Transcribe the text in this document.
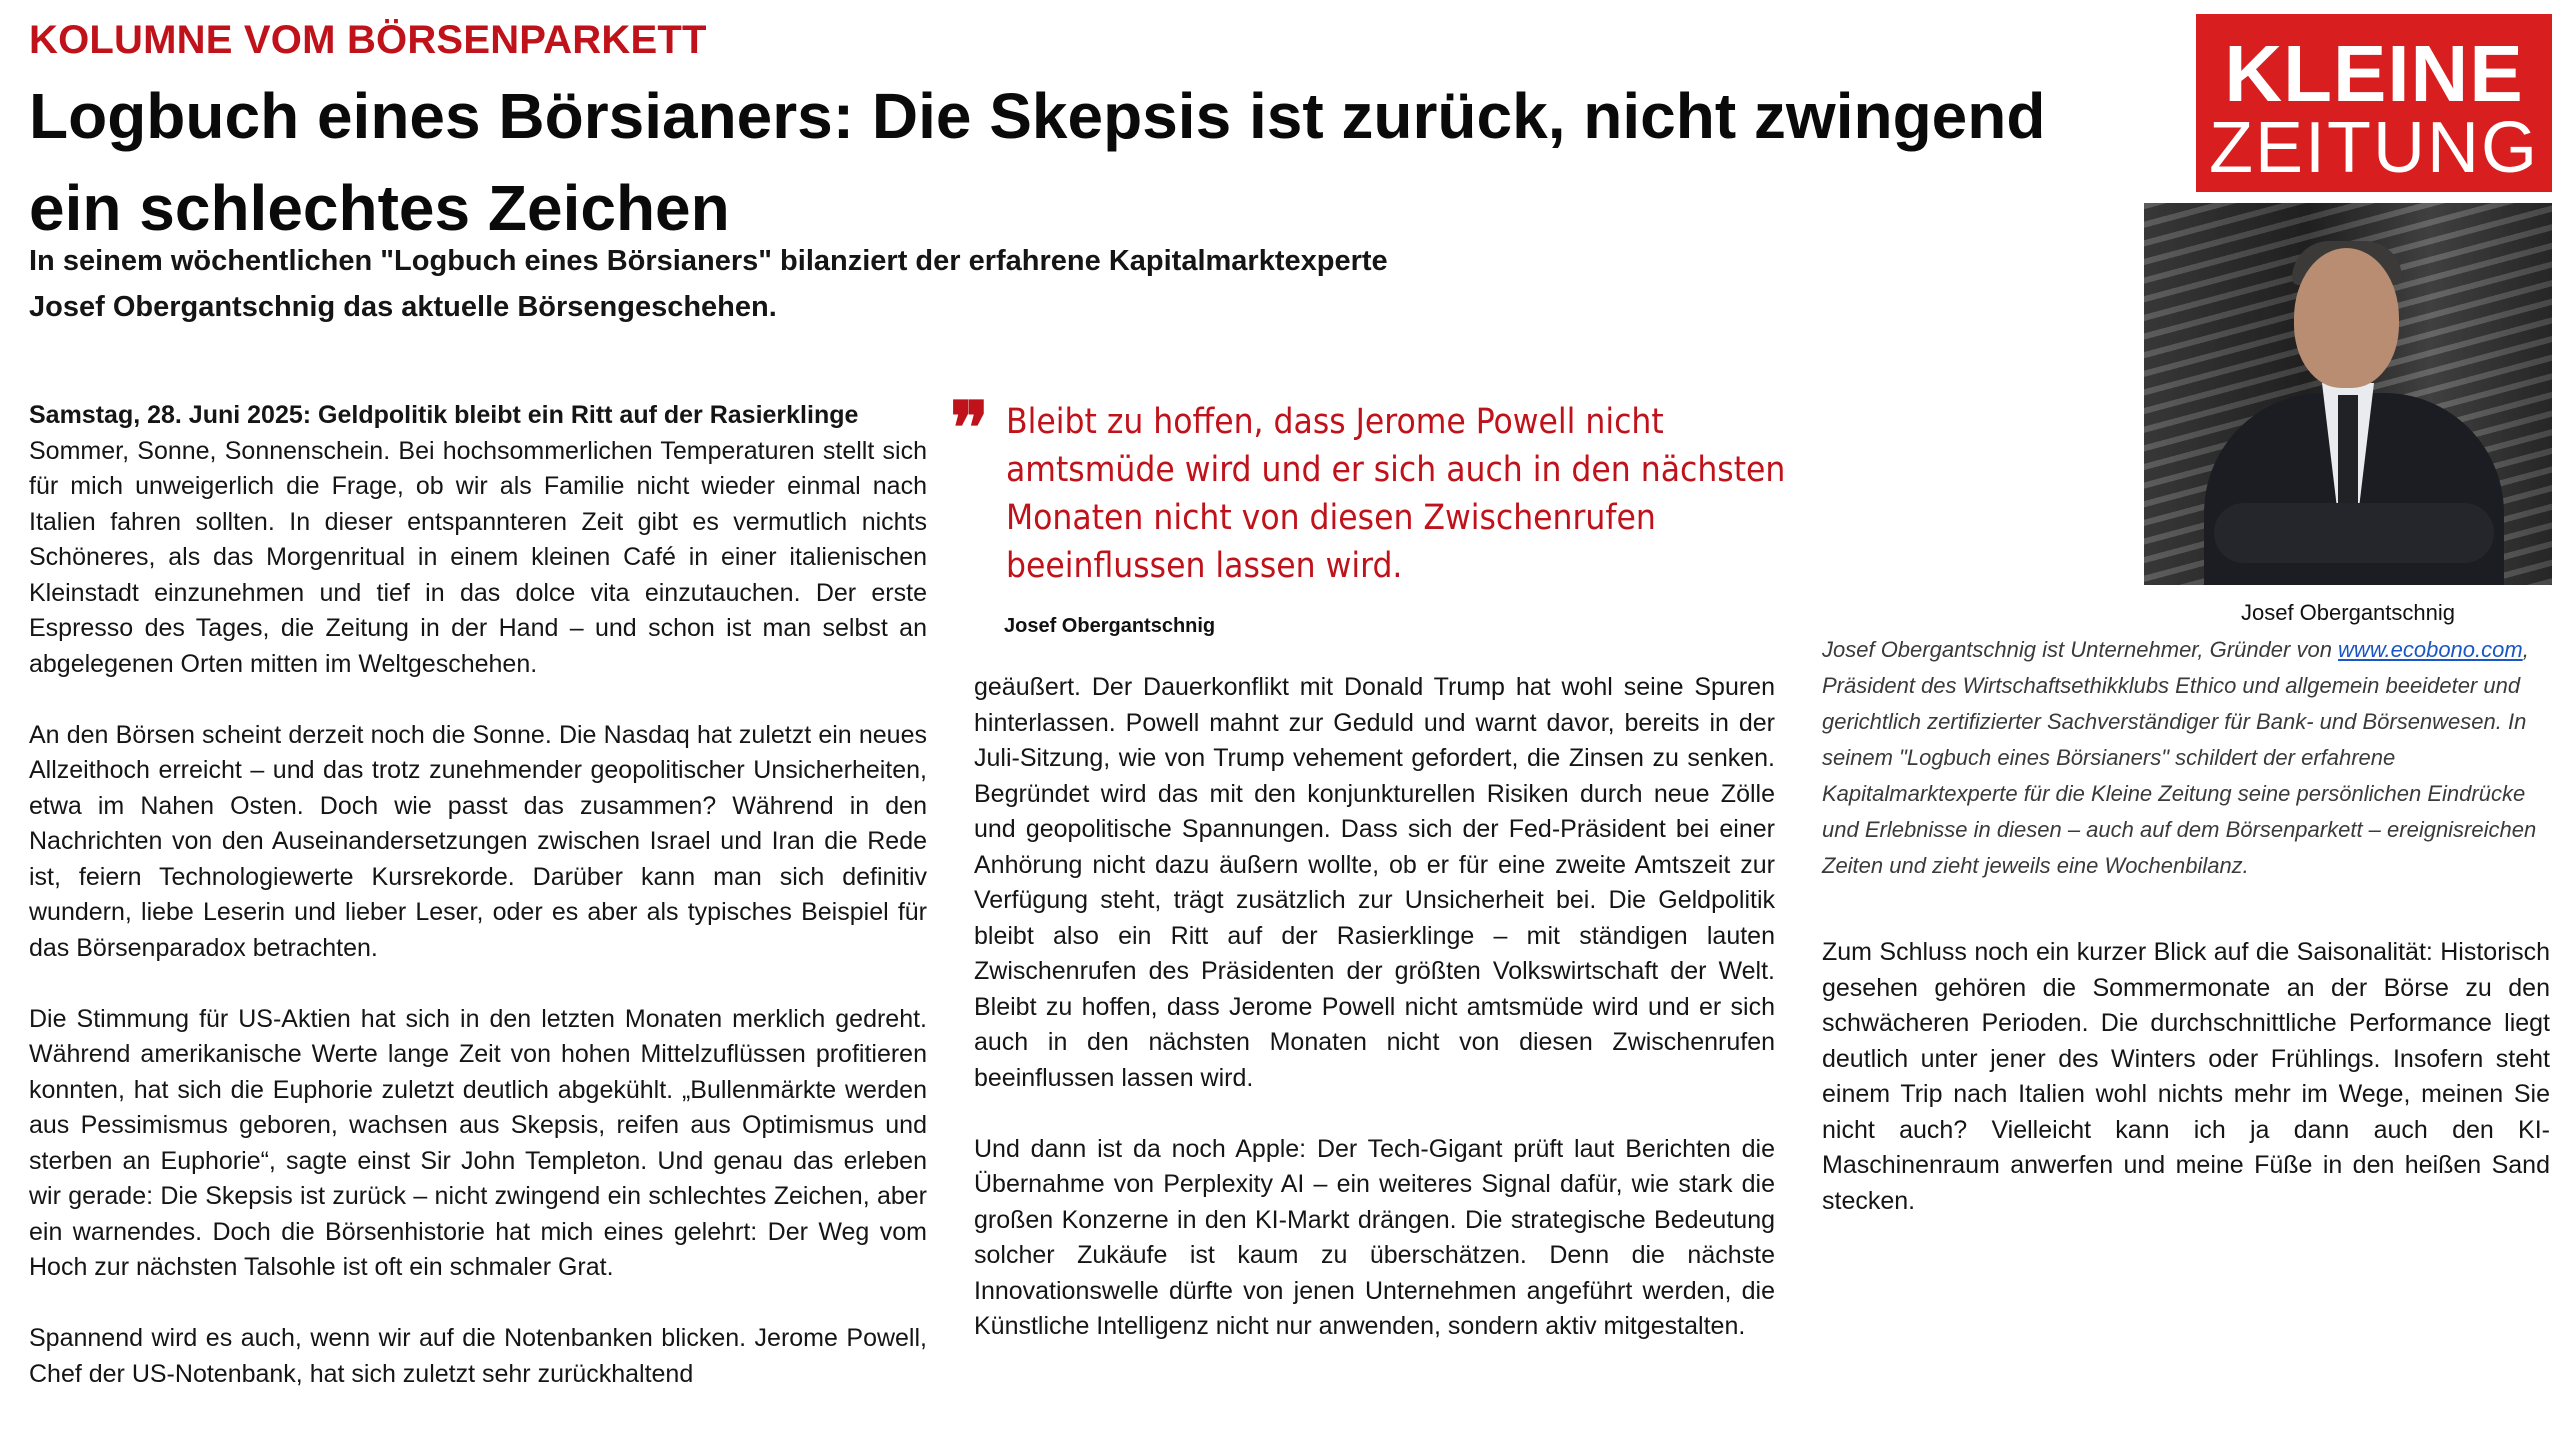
KOLUMNE VOM BÖRSENPARKETT
Logbuch eines Börsianers: Die Skepsis ist zurück, nicht zwingend ein schlechtes Zeichen
In seinem wöchentlichen "Logbuch eines Börsianers" bilanziert der erfahrene Kapitalmarktexperte Josef Obergantschnig das aktuelle Börsengeschehen.
KLEINE
ZEITUNG
Josef Obergantschnig
Josef Obergantschnig ist Unternehmer, Gründer von www.ecobono.com, Präsident des Wirtschaftsethikklubs Ethico und allgemein beeideter und gerichtlich zertifizierter Sachverständiger für Bank- und Börsenwesen. In seinem "Logbuch eines Börsianers" schildert der erfahrene Kapitalmarktexperte für die Kleine Zeitung seine persönlichen Eindrücke und Erlebnisse in diesen – auch auf dem Börsenparkett – ereignisreichen Zeiten und zieht jeweils eine Wochenbilanz.
Samstag, 28. Juni 2025: Geldpolitik bleibt ein Ritt auf der Rasierklinge

Sommer, Sonne, Sonnenschein. Bei hochsommerlichen Temperaturen stellt sich für mich unweigerlich die Frage, ob wir als Familie nicht wieder einmal nach Italien fahren sollten. In dieser entspannteren Zeit gibt es vermutlich nichts Schöneres, als das Morgenritual in einem kleinen Café in einer italienischen Kleinstadt einzunehmen und tief in das dolce vita einzutauchen. Der erste Espresso des Tages, die Zeitung in der Hand – und schon ist man selbst an abgelegenen Orten mitten im Weltgeschehen.

An den Börsen scheint derzeit noch die Sonne. Die Nasdaq hat zuletzt ein neues Allzeithoch erreicht – und das trotz zunehmender geopolitischer Unsicherheiten, etwa im Nahen Osten. Doch wie passt das zusammen? Während in den Nachrichten von den Auseinandersetzungen zwischen Israel und Iran die Rede ist, feiern Technologiewerte Kursrekorde. Darüber kann man sich definitiv wundern, liebe Leserin und lieber Leser, oder es aber als typisches Beispiel für das Börsenparadox betrachten.

Die Stimmung für US-Aktien hat sich in den letzten Monaten merklich gedreht. Während amerikanische Werte lange Zeit von hohen Mittelzuflüssen profitieren konnten, hat sich die Euphorie zuletzt deutlich abgekühlt. „Bullenmärkte werden aus Pessimismus geboren, wachsen aus Skepsis, reifen aus Optimismus und sterben an Euphorie“, sagte einst Sir John Templeton. Und genau das erleben wir gerade: Die Skepsis ist zurück – nicht zwingend ein schlechtes Zeichen, aber ein warnendes. Doch die Börsenhistorie hat mich eines gelehrt: Der Weg vom Hoch zur nächsten Talsohle ist oft ein schmaler Grat.

Spannend wird es auch, wenn wir auf die Notenbanken blicken. Jerome Powell, Chef der US-Notenbank, hat sich zuletzt sehr zurückhaltend

❞ Bleibt zu hoffen, dass Jerome Powell nicht amtsmüde wird und er sich auch in den nächsten Monaten nicht von diesen Zwischenrufen beeinflussen lassen wird.
Josef Obergantschnig

geäußert. Der Dauerkonflikt mit Donald Trump hat wohl seine Spuren hinterlassen. Powell mahnt zur Geduld und warnt davor, bereits in der Juli-Sitzung, wie von Trump vehement gefordert, die Zinsen zu senken. Begründet wird das mit den konjunkturellen Risiken durch neue Zölle und geopolitische Spannungen. Dass sich der Fed-Präsident bei einer Anhörung nicht dazu äußern wollte, ob er für eine zweite Amtszeit zur Verfügung steht, trägt zusätzlich zur Unsicherheit bei. Die Geldpolitik bleibt also ein Ritt auf der Rasierklinge – mit ständigen lauten Zwischenrufen des Präsidenten der größten Volkswirtschaft der Welt. Bleibt zu hoffen, dass Jerome Powell nicht amtsmüde wird und er sich auch in den nächsten Monaten nicht von diesen Zwischenrufen beeinflussen lassen wird.

Und dann ist da noch Apple: Der Tech-Gigant prüft laut Berichten die Übernahme von Perplexity AI – ein weiteres Signal dafür, wie stark die großen Konzerne in den KI-Markt drängen. Die strategische Bedeutung solcher Zukäufe ist kaum zu überschätzen. Denn die nächste Innovationswelle dürfte von jenen Unternehmen angeführt werden, die Künstliche Intelligenz nicht nur anwenden, sondern aktiv mitgestalten.

Zum Schluss noch ein kurzer Blick auf die Saisonalität: Historisch gesehen gehören die Sommermonate an der Börse zu den schwächeren Perioden. Die durchschnittliche Performance liegt deutlich unter jener des Winters oder Frühlings. Insofern steht einem Trip nach Italien wohl nichts mehr im Wege, meinen Sie nicht auch? Vielleicht kann ich ja dann auch den KI-Maschinenraum anwerfen und meine Füße in den heißen Sand stecken.
